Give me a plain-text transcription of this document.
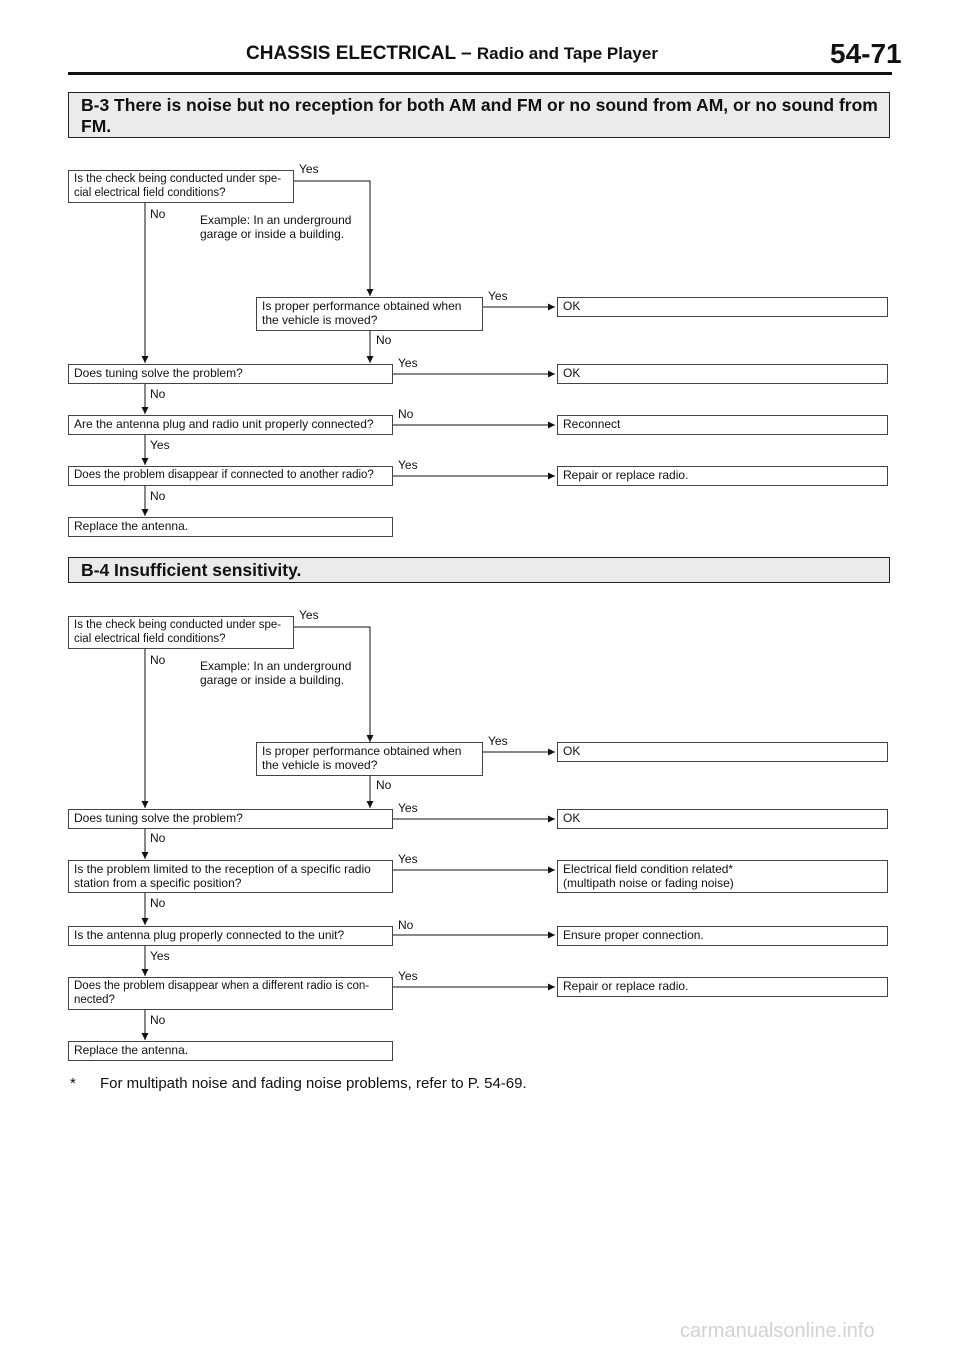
CHASSIS ELECTRICAL – Radio and Tape Player	54-71
B-3 There is noise but no reception for both AM and FM or no sound from AM, or no sound from FM.
Is the check being conducted under spe-
cial electrical field conditions?
Yes
No	Example: In an underground
garage or inside a building.
Is proper performance obtained when
the vehicle is moved?
Yes
No
OK
Does tuning solve the problem?
Yes
No
OK
Are the antenna plug and radio unit properly connected?
No
Yes
Reconnect
Does the problem disappear if connected to another radio?
Yes
No
Repair or replace radio.
Replace the antenna.
B-4 Insufficient sensitivity.
Is the check being conducted under spe-
cial electrical field conditions?
Yes
No	Example: In an underground
garage or inside a building.
Is proper performance obtained when
the vehicle is moved?
Yes
No
OK
Does tuning solve the problem?
Yes
No
OK
Is the problem limited to the reception of a specific radio
station from a specific position?
Yes
No
Electrical field condition related*
(multipath noise or fading noise)
Is the antenna plug properly connected to the unit?
No
Yes
Ensure proper connection.
Does the problem disappear when a different radio is con-
nected?
Yes
No
Repair or replace radio.
Replace the antenna.
* For multipath noise and fading noise problems, refer to P. 54-69.
carmanualsonline.info
